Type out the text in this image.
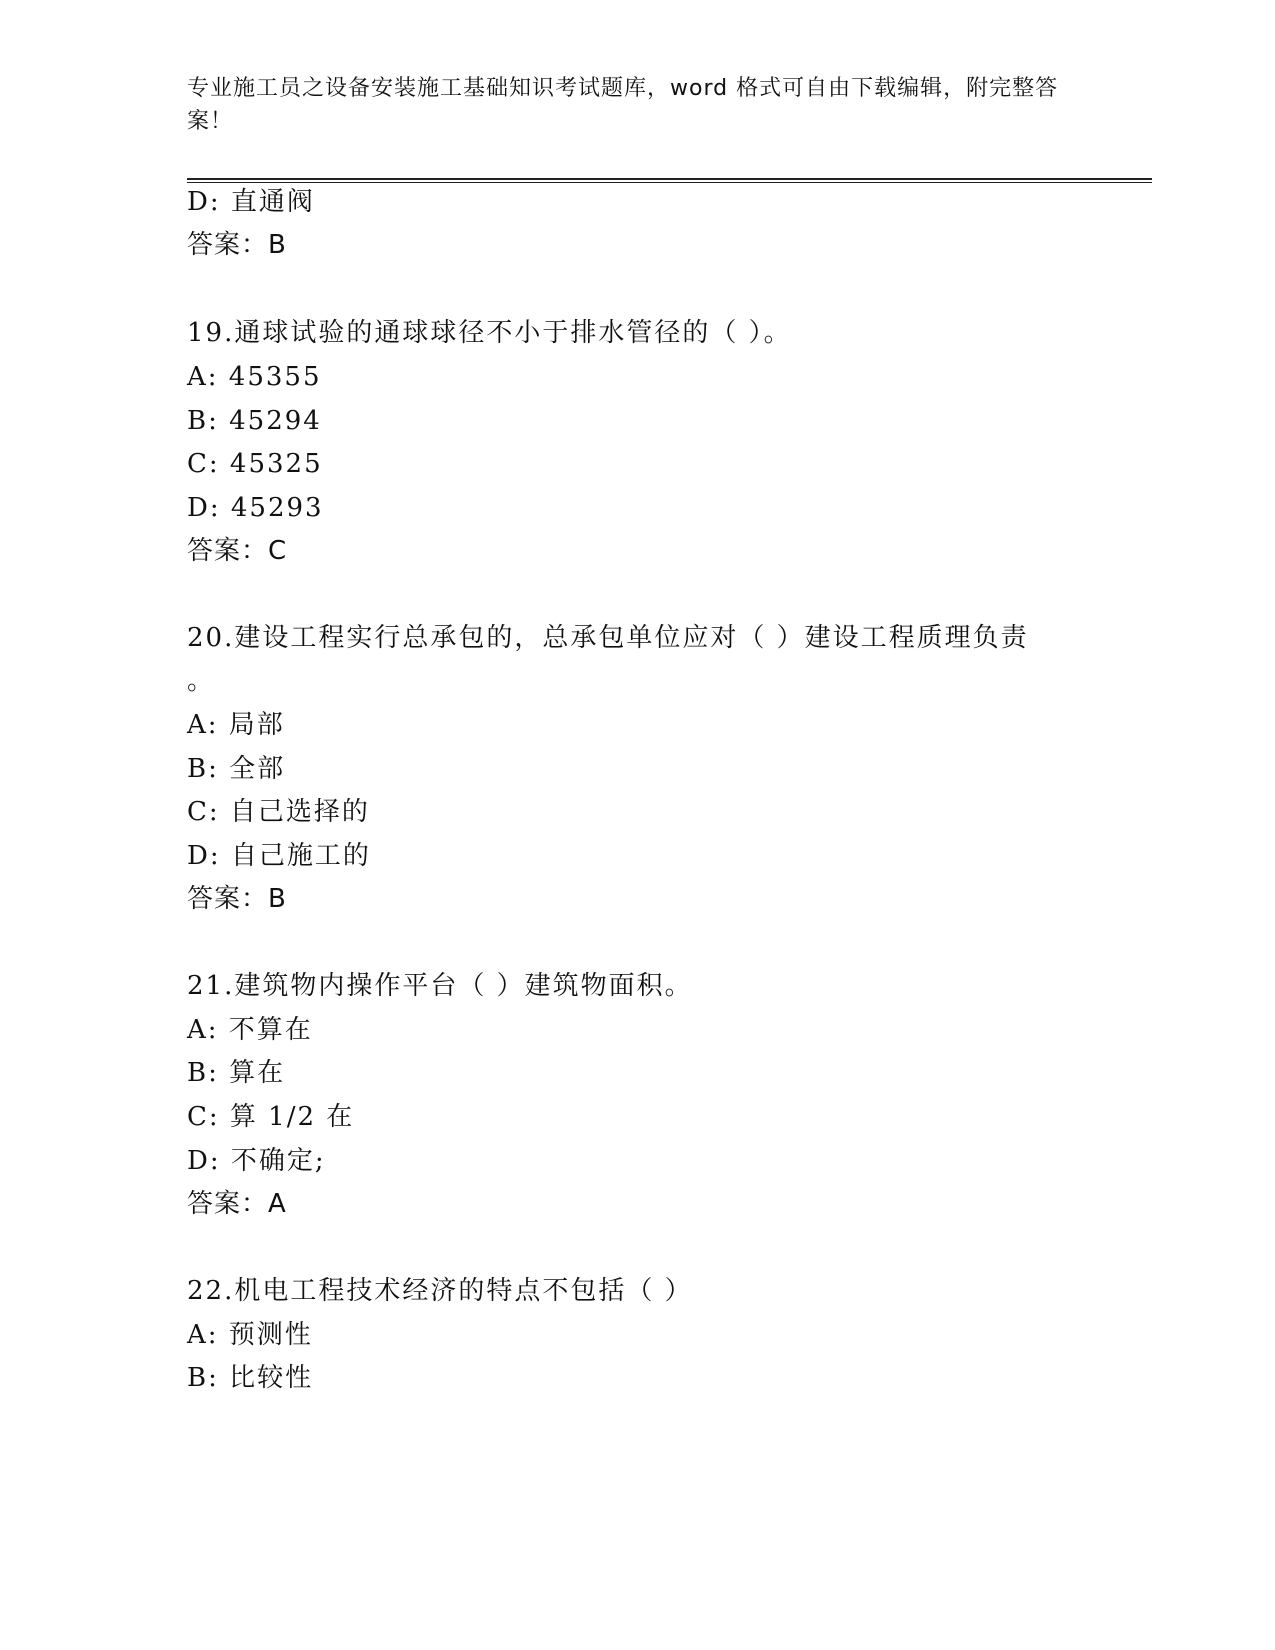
专业施工员之设备安装施工基础知识考试题库，word 格式可自由下载编辑，附完整答案！
D: 直通阀
答案：B
19.通球试验的通球球径不小于排水管径的（ ）。
A: 45355
B: 45294
C: 45325
D: 45293
答案：C
20.建设工程实行总承包的，总承包单位应对（ ）建设工程质理负责
。
A: 局部
B: 全部
C: 自己选择的
D: 自己施工的
答案：B
21.建筑物内操作平台（ ）建筑物面积。
A: 不算在
B: 算在
C: 算 1/2 在
D: 不确定;
答案：A
22.机电工程技术经济的特点不包括（ ）
A: 预测性
B: 比较性
